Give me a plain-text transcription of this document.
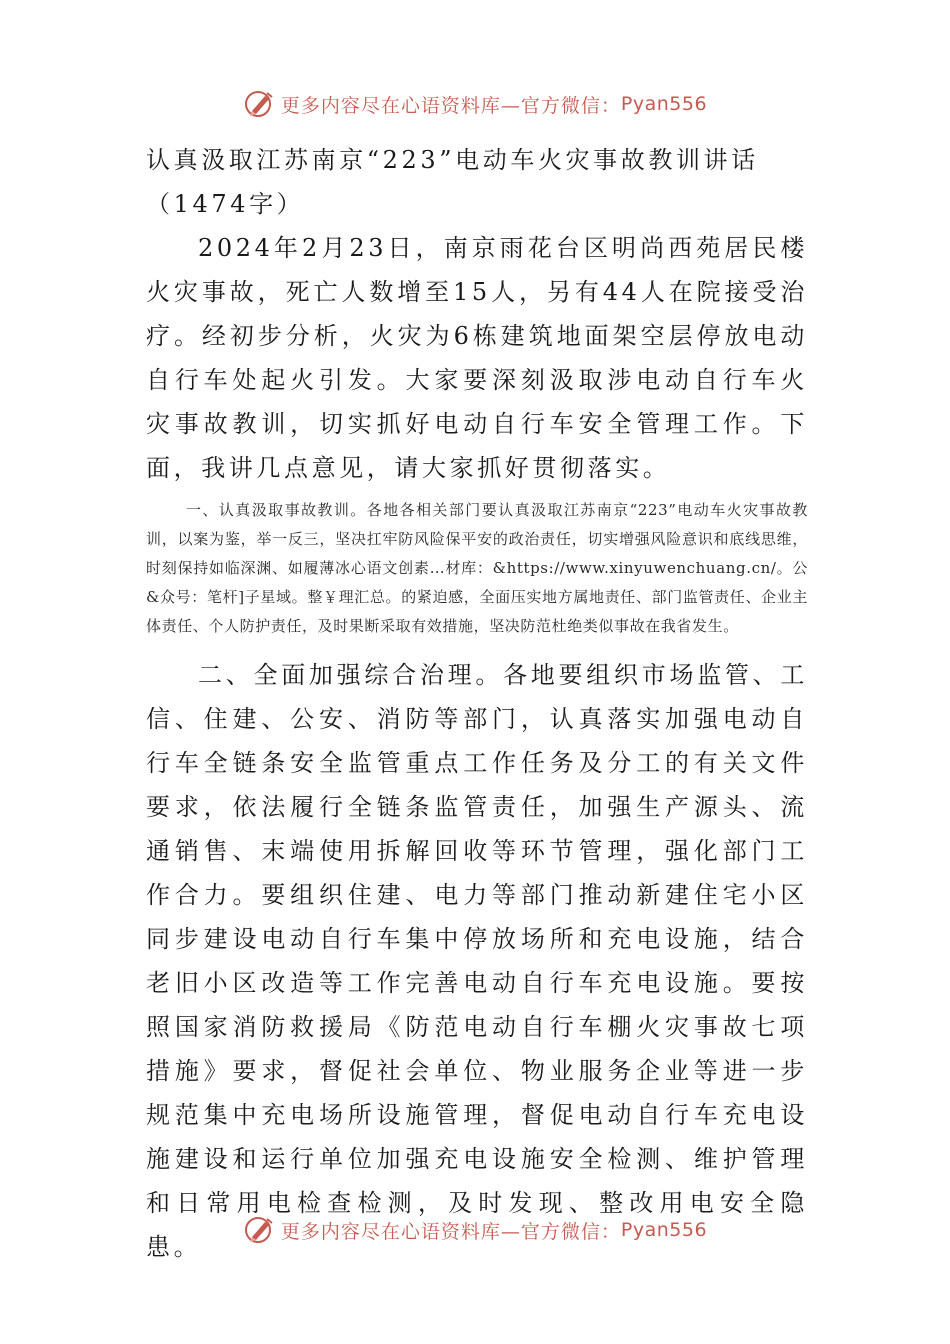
更多内容尽在心语资料库—官方微信： Pyan556
认真汲取江苏南京“223”电动车火灾事故教训讲话（1474字）

2024年2月23日，南京雨花台区明尚西苑居民楼火灾事故，死亡人数增至15人，另有44人在院接受治疗。经初步分析，火灾为6栋建筑地面架空层停放电动自行车处起火引发。大家要深刻汲取涉电动自行车火灾事故教训，切实抓好电动自行车安全管理工作。下面，我讲几点意见，请大家抓好贯彻落实。

一、认真汲取事故教训。各地各相关部门要认真汲取江苏南京“223”电动车火灾事故教训，以案为鉴，举一反三，坚决扛牢防风险保平安的政治责任，切实增强风险意识和底线思维，时刻保持如临深渊、如履薄冰心语文创素…材库：&https://www.xinyuwenchuang.cn/。公&众号：笔杆]子星域。整￥理汇总。的紧迫感，全面压实地方属地责任、部门监管责任、企业主体责任、个人防护责任，及时果断采取有效措施，坚决防范杜绝类似事故在我省发生。

二、全面加强综合治理。各地要组织市场监管、工信、住建、公安、消防等部门，认真落实加强电动自行车全链条安全监管重点工作任务及分工的有关文件要求，依法履行全链条监管责任，加强生产源头、流通销售、末端使用拆解回收等环节管理，强化部门工作合力。要组织住建、电力等部门推动新建住宅小区同步建设电动自行车集中停放场所和充电设施，结合老旧小区改造等工作完善电动自行车充电设施。要按照国家消防救援局《防范电动自行车棚火灾事故七项措施》要求，督促社会单位、物业服务企业等进一步规范集中充电场所设施管理，督促电动自行车充电设施建设和运行单位加强充电设施安全检测、维护管理和日常用电检查检测，及时发现、整改用电安全隐患。

更多内容尽在心语资料库—官方微信： Pyan556
